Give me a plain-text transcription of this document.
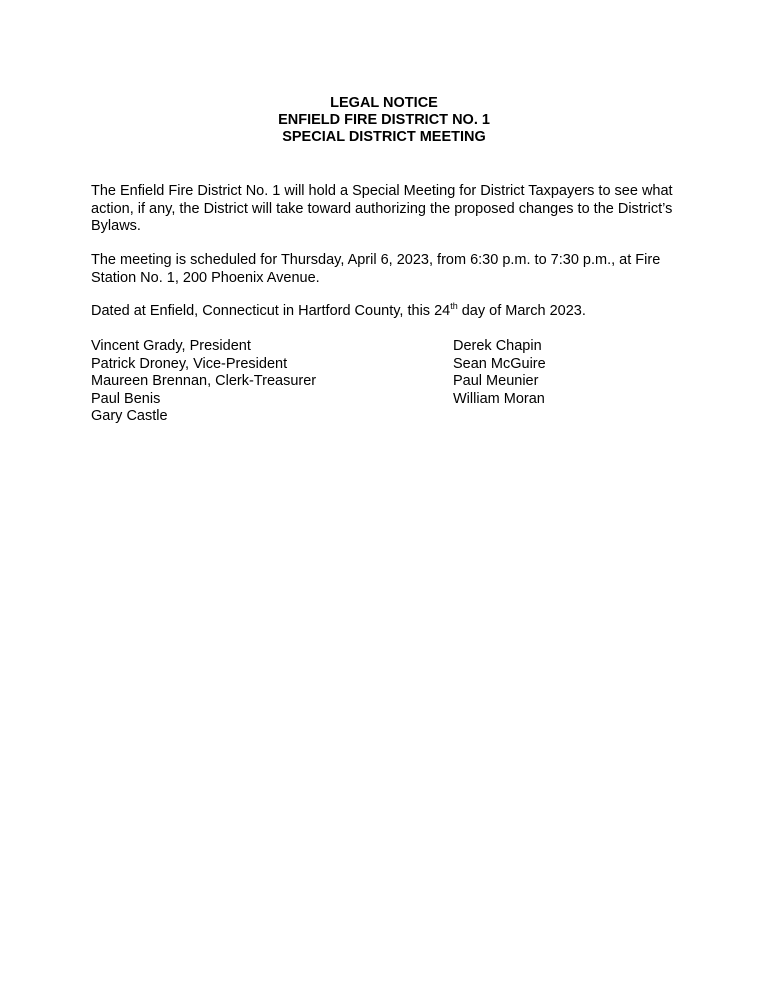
LEGAL NOTICE
ENFIELD FIRE DISTRICT NO. 1
SPECIAL DISTRICT MEETING
The Enfield Fire District No. 1 will hold a Special Meeting for District Taxpayers to see what action, if any, the District will take toward authorizing the proposed changes to the District’s Bylaws.
The meeting is scheduled for Thursday, April 6, 2023, from 6:30 p.m. to 7:30 p.m., at Fire Station No. 1, 200 Phoenix Avenue.
Dated at Enfield, Connecticut in Hartford County, this 24th day of March 2023.
Vincent Grady, President
Patrick Droney, Vice-President
Maureen Brennan, Clerk-Treasurer
Paul Benis
Gary Castle
Derek Chapin
Sean McGuire
Paul Meunier
William Moran
